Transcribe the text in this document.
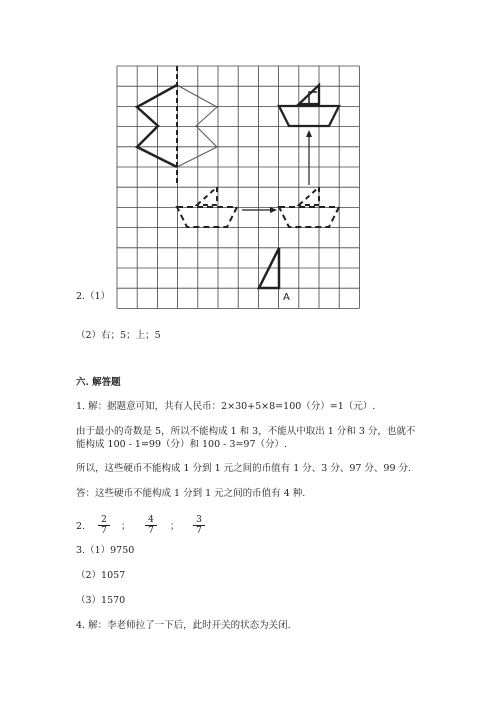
A
2.（1）
（2）右；5；上；5
六. 解答题
1. 解：据题意可知，共有人民币：2×30+5×8=100（分）=1（元）.
由于最小的奇数是 5，所以不能构成 1 和 3，不能从中取出 1 分和 3 分，也就不
能构成 100 - 1=99（分）和 100 - 3=97（分）.
所以，这些硬币不能构成 1 分到 1 元之间的币值有 1 分、3 分、97 分、99 分.
答：这些硬币不能构成 1 分到 1 元之间的币值有 4 种.
2. $\frac{2}{7}$ ； $\frac{4}{7}$ ； $\frac{3}{7}$
3.（1）9750
（2）1057
（3）1570
4. 解：李老师拉了一下后，此时开关的状态为关闭.
